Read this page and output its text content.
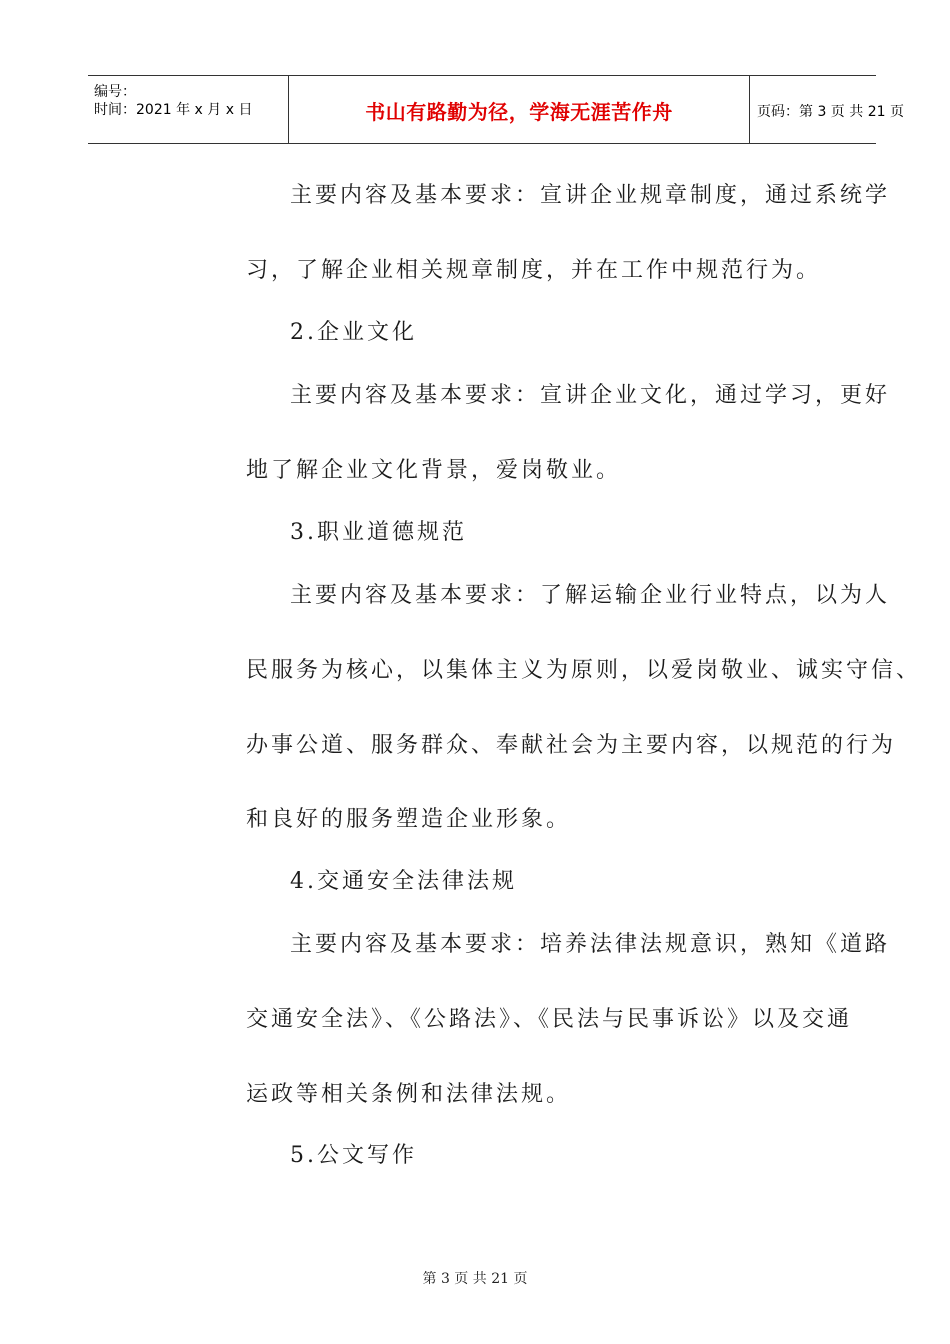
编号：
时间：2021 年 x 月 x 日	书山有路勤为径，学海无涯苦作舟	页码：第 3 页 共 21 页
主要内容及基本要求：宣讲企业规章制度，通过系统学
习，了解企业相关规章制度，并在工作中规范行为。
2.企业文化
主要内容及基本要求：宣讲企业文化，通过学习，更好
地了解企业文化背景，爱岗敬业。
3.职业道德规范
主要内容及基本要求：了解运输企业行业特点，以为人
民服务为核心，以集体主义为原则，以爱岗敬业、诚实守信、
办事公道、服务群众、奉献社会为主要内容，以规范的行为
和良好的服务塑造企业形象。
4.交通安全法律法规
主要内容及基本要求：培养法律法规意识，熟知《道路
交通安全法》、《公路法》、《民法与民事诉讼》以及交通
运政等相关条例和法律法规。
5.公文写作
第 3 页 共 21 页
